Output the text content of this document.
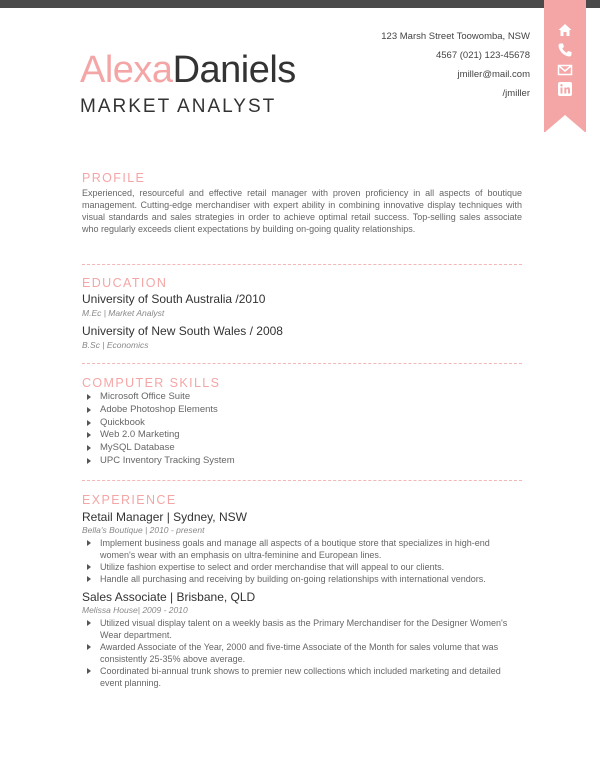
AlexaDaniels
MARKET ANALYST
123 Marsh Street Toowomba, NSW
4567 (021) 123-45678
jmiller@mail.com
/jmiller
PROFILE
Experienced, resourceful and effective retail manager with proven proficiency in all aspects of boutique management. Cutting-edge merchandiser with expert ability in combining innovative display techniques with visual standards and sales strategies in order to achieve optimal retail success. Top-selling sales associate who regularly exceeds client expectations by building on-going quality relationships.
EDUCATION
University of South Australia /2010
M.Ec | Market Analyst
University of New South Wales / 2008
B.Sc | Economics
COMPUTER SKILLS
Microsoft Office Suite
Adobe Photoshop Elements
Quickbook
Web 2.0 Marketing
MySQL Database
UPC Inventory Tracking System
EXPERIENCE
Retail Manager | Sydney, NSW
Bella's Boutique | 2010 - present
Implement business goals and manage all aspects of a boutique store that specializes in high-end women's wear with an emphasis on ultra-feminine and European lines.
Utilize fashion expertise to select and order merchandise that will appeal to our clients.
Handle all purchasing and receiving by building on-going relationships with international vendors.
Sales Associate | Brisbane, QLD
Melissa House| 2009 - 2010
Utilized visual display talent on a weekly basis as the Primary Merchandiser for the Designer Women's Wear department.
Awarded Associate of the Year, 2000 and five-time Associate of the Month for sales volume that was consistently 25-35% above average.
Coordinated bi-annual trunk shows to premier new collections which included marketing and detailed event planning.
